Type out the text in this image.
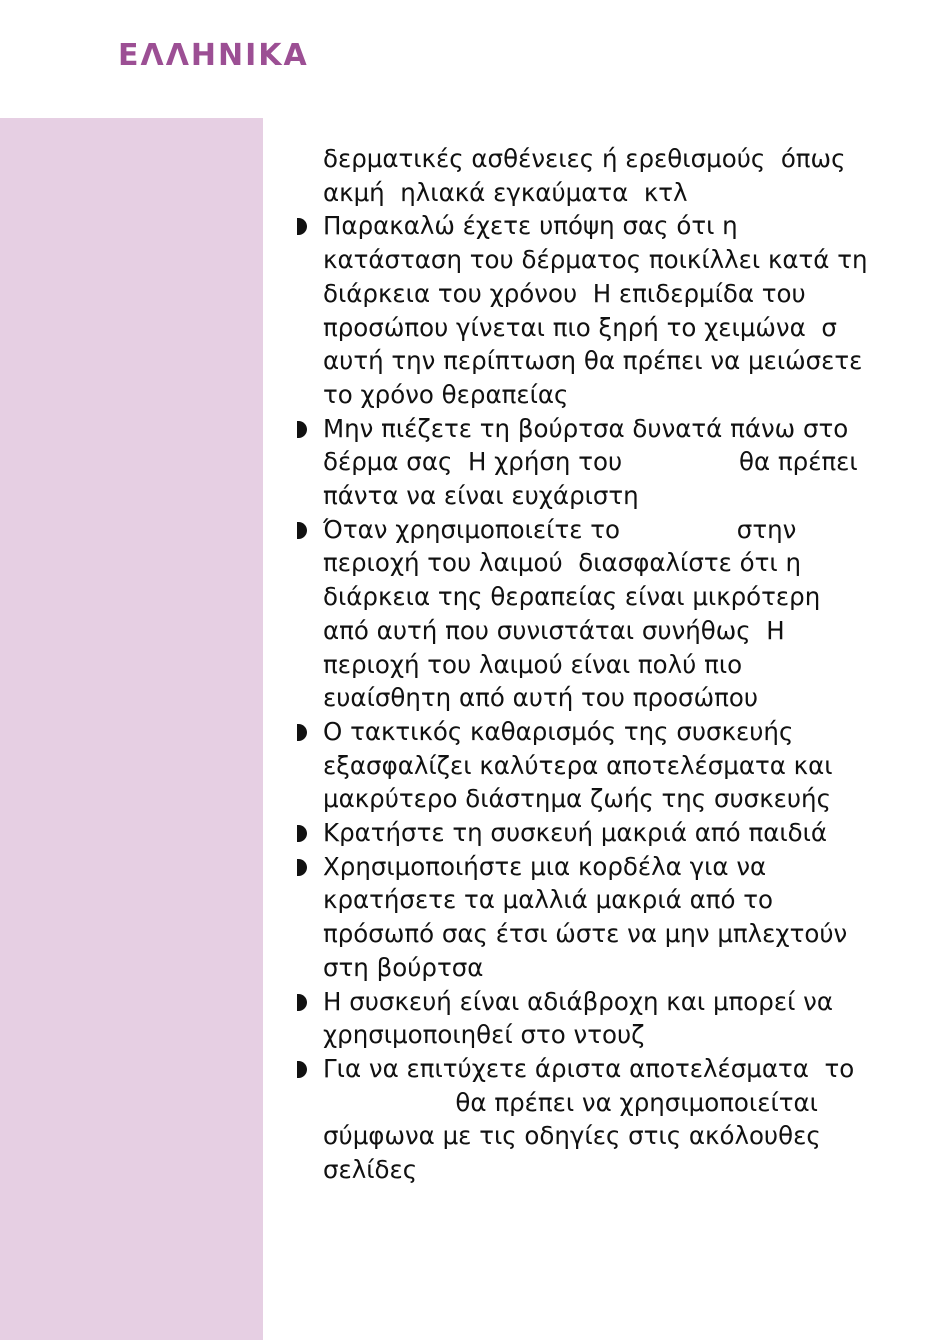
ΕΛΛΗΝΙΚΑ
δερματικές ασθένειες ή ερεθισμούς  όπως
ακμή  ηλιακά εγκαύματα  κτλ
Παρακαλώ έχετε υπόψη σας ότι η
κατάσταση του δέρματος ποικίλλει κατά τη
διάρκεια του χρόνου  Η επιδερμίδα του
προσώπου γίνεται πιο ξηρή το χειμώνα  σ
αυτή την περίπτωση θα πρέπει να μειώσετε
το χρόνο θεραπείας
Μην πιέζετε τη βούρτσα δυνατά πάνω στο
δέρμα σας  Η χρήση του               θα πρέπει
πάντα να είναι ευχάριστη
Όταν χρησιμοποιείτε το               στην
περιοχή του λαιμού  διασφαλίστε ότι η
διάρκεια της θεραπείας είναι μικρότερη
από αυτή που συνιστάται συνήθως  Η
περιοχή του λαιμού είναι πολύ πιο
ευαίσθητη από αυτή του προσώπου
Ο τακτικός καθαρισμός της συσκευής
εξασφαλίζει καλύτερα αποτελέσματα και
μακρύτερο διάστημα ζωής της συσκευής
Κρατήστε τη συσκευή μακριά από παιδιά
Χρησιμοποιήστε μια κορδέλα για να
κρατήσετε τα μαλλιά μακριά από το
πρόσωπό σας έτσι ώστε να μην μπλεχτούν
στη βούρτσα
Η συσκευή είναι αδιάβροχη και μπορεί να
χρησιμοποιηθεί στο ντουζ
Για να επιτύχετε άριστα αποτελέσματα  το
θα πρέπει να χρησιμοποιείται
σύμφωνα με τις οδηγίες στις ακόλουθες
σελίδες
